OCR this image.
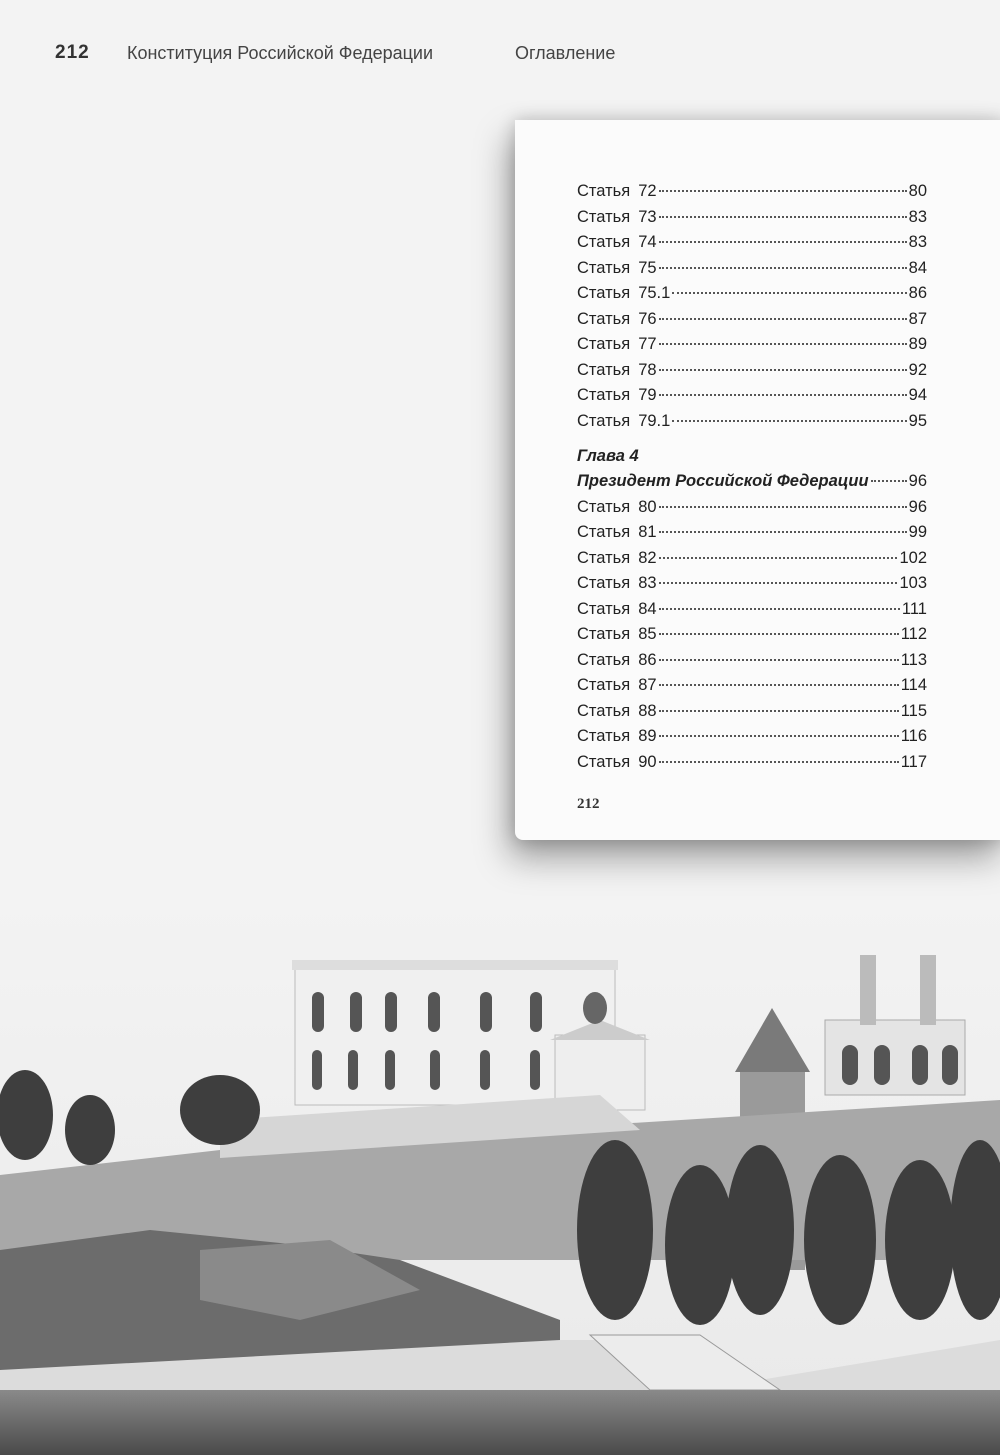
212 Конституция Российской Федерации	Оглавление
Статья 72	80
Статья 73	83
Статья 74	83
Статья 75	84
Статья 75.1	86
Статья 76	87
Статья 77	89
Статья 78	92
Статья 79	94
Статья 79.1	95
Глава 4
Президент Российской Федерации 96
Статья 80	96
Статья 81	99
Статья 82	102
Статья 83	103
Статья 84	111
Статья 85	112
Статья 86	113
Статья 87	114
Статья 88	115
Статья 89	116
Статья 90	117
212
